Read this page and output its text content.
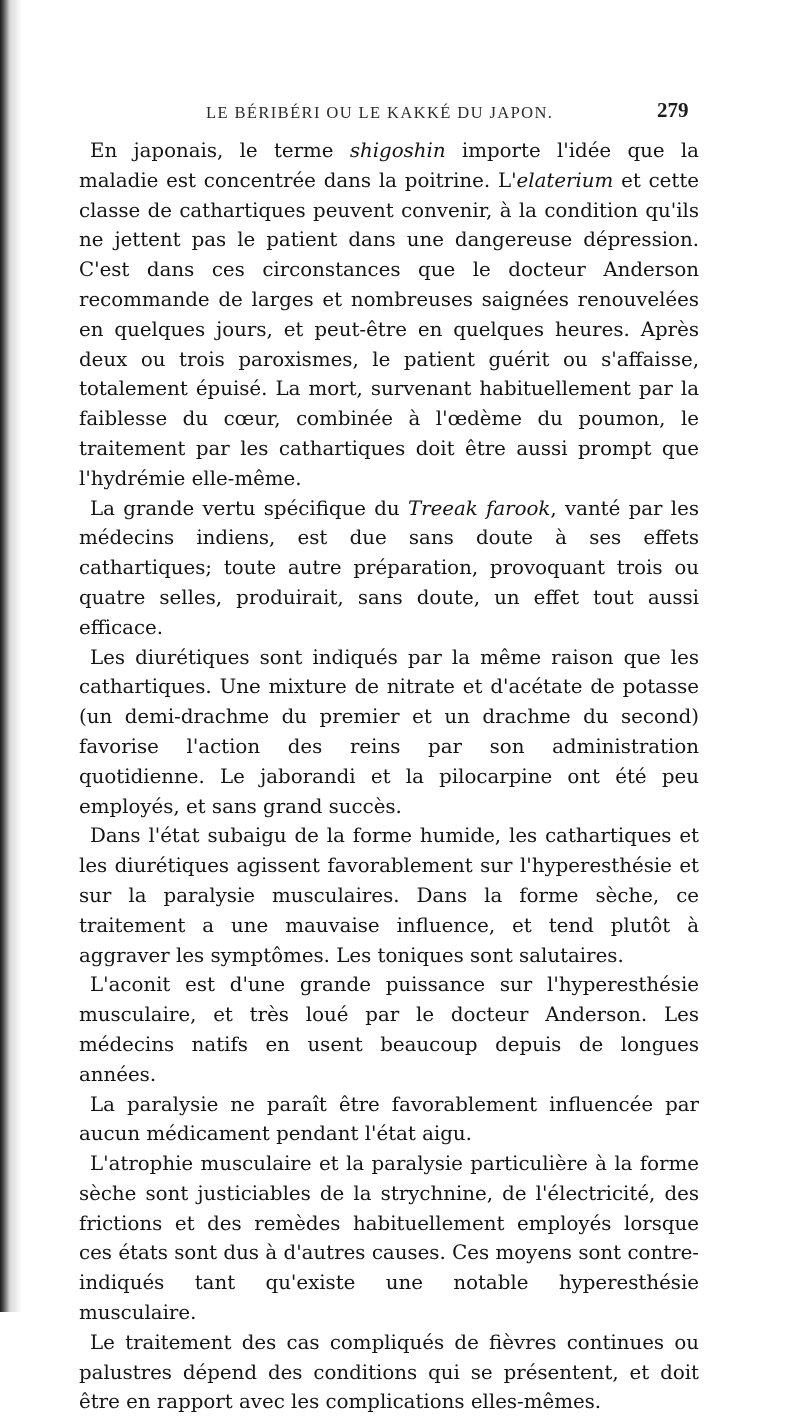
LE BÉRIBÉRI OU LE KAKKÉ DU JAPON.	279

En japonais, le terme shigoshin importe l'idée que la maladie est concentrée dans la poitrine. L'elaterium et cette classe de cathartiques peuvent convenir, à la condition qu'ils ne jettent pas le patient dans une dangereuse dépression. C'est dans ces circonstances que le docteur Anderson recommande de larges et nombreuses saignées renouvelées en quelques jours, et peut-être en quelques heures. Après deux ou trois paroxismes, le patient guérit ou s'affaisse, totalement épuisé. La mort, survenant habituellement par la faiblesse du cœur, combinée à l'œdème du poumon, le traitement par les cathartiques doit être aussi prompt que l'hydrémie elle-même.

La grande vertu spécifique du Treeak farook, vanté par les médecins indiens, est due sans doute à ses effets cathartiques; toute autre préparation, provoquant trois ou quatre selles, produirait, sans doute, un effet tout aussi efficace.

Les diurétiques sont indiqués par la même raison que les cathartiques. Une mixture de nitrate et d'acétate de potasse (un demi-drachme du premier et un drachme du second) favorise l'action des reins par son administration quotidienne. Le jaborandi et la pilocarpine ont été peu employés, et sans grand succès.

Dans l'état subaigu de la forme humide, les cathartiques et les diurétiques agissent favorablement sur l'hyperesthésie et sur la paralysie musculaires. Dans la forme sèche, ce traitement a une mauvaise influence, et tend plutôt à aggraver les symptômes. Les toniques sont salutaires.

L'aconit est d'une grande puissance sur l'hyperesthésie musculaire, et très loué par le docteur Anderson. Les médecins natifs en usent beaucoup depuis de longues années.

La paralysie ne paraît être favorablement influencée par aucun médicament pendant l'état aigu.

L'atrophie musculaire et la paralysie particulière à la forme sèche sont justiciables de la strychnine, de l'électricité, des frictions et des remèdes habituellement employés lorsque ces états sont dus à d'autres causes. Ces moyens sont contre-indiqués tant qu'existe une notable hyperesthésie musculaire.

Le traitement des cas compliqués de fièvres continues ou palustres dépend des conditions qui se présentent, et doit être en rapport avec les complications elles-mêmes.
